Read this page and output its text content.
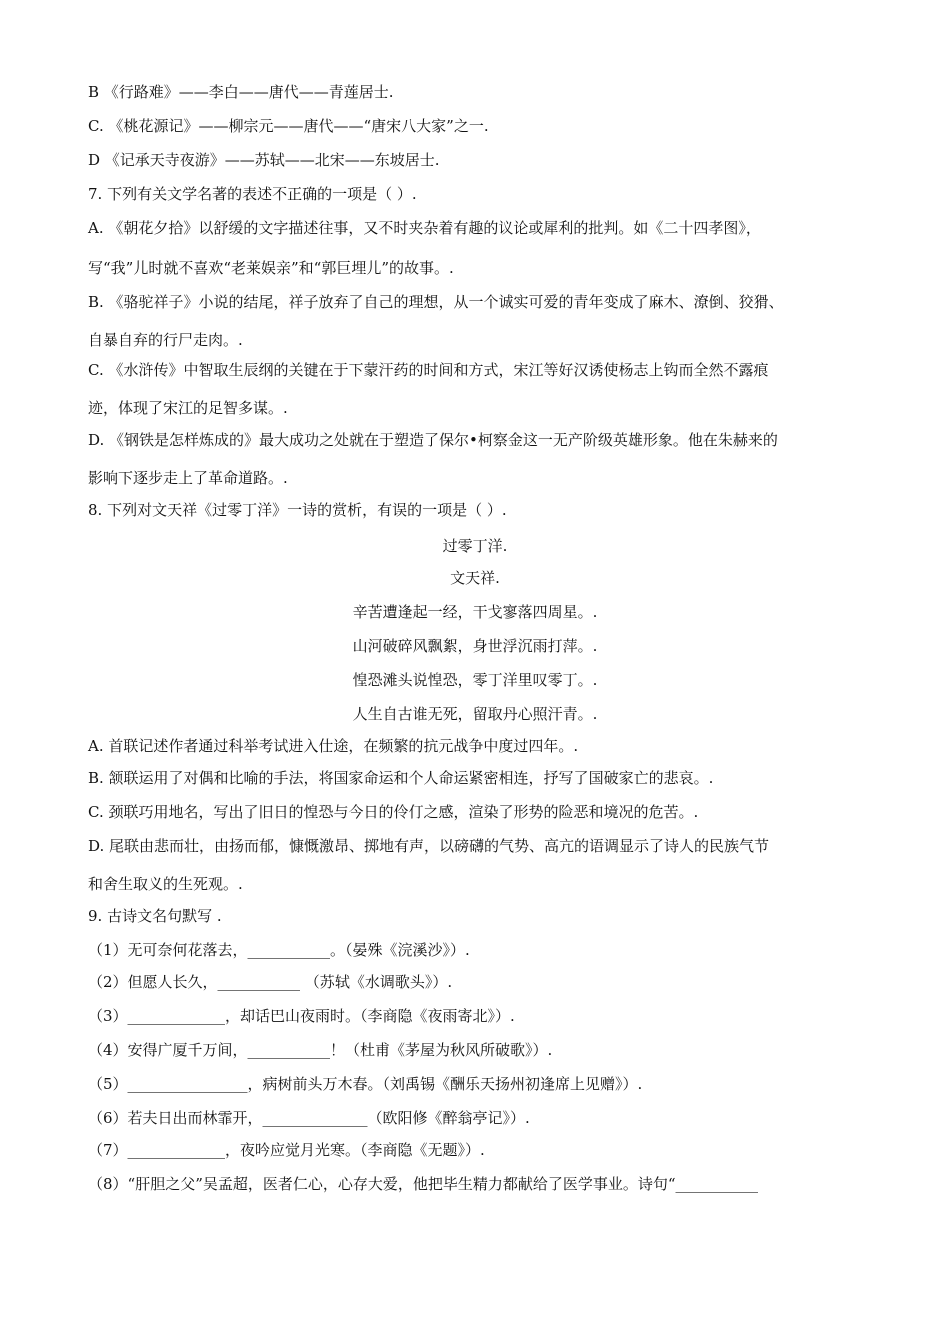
B 《行路难》——李白——唐代——青莲居士.
C. 《桃花源记》——柳宗元——唐代——“唐宋八大家”之一.
D 《记承天寺夜游》——苏轼——北宋——东坡居士.
7. 下列有关文学名著的表述不正确的一项是（ ）.
A. 《朝花夕拾》以舒缓的文字描述往事，又不时夹杂着有趣的议论或犀利的批判。如《二十四孝图》，
写“我”儿时就不喜欢“老莱娱亲”和“郭巨埋儿”的故事。.
B. 《骆驼祥子》小说的结尾，祥子放弃了自己的理想，从一个诚实可爱的青年变成了麻木、潦倒、狡猾、
自暴自弃的行尸走肉。.
C. 《水浒传》中智取生辰纲的关键在于下蒙汗药的时间和方式，宋江等好汉诱使杨志上钩而全然不露痕
迹，体现了宋江的足智多谋。.
D. 《钢铁是怎样炼成的》最大成功之处就在于塑造了保尔•柯察金这一无产阶级英雄形象。他在朱赫来的
影响下逐步走上了革命道路。.
8. 下列对文天祥《过零丁洋》一诗的赏析，有误的一项是（ ）.
过零丁洋.
文天祥.
辛苦遭逢起一经，干戈寥落四周星。.
山河破碎风飘絮，身世浮沉雨打萍。.
惶恐滩头说惶恐，零丁洋里叹零丁。.
人生自古谁无死，留取丹心照汗青。.
A. 首联记述作者通过科举考试进入仕途，在频繁的抗元战争中度过四年。.
B. 颔联运用了对偶和比喻的手法，将国家命运和个人命运紧密相连，抒写了国破家亡的悲哀。.
C. 颈联巧用地名，写出了旧日的惶恐与今日的伶仃之感，渲染了形势的险恶和境况的危苦。.
D. 尾联由悲而壮，由扬而郁，慷慨激昂、掷地有声，以磅礴的气势、高亢的语调显示了诗人的民族气节
和舍生取义的生死观。.
9. 古诗文名句默写 .
（1）无可奈何花落去，___________。（晏殊《浣溪沙》）.
（2）但愿人长久，___________ （苏轼《水调歌头》）.
（3）_____________，却话巴山夜雨时。（李商隐《夜雨寄北》）.
（4）安得广厦千万间，___________！（杜甫《茅屋为秋风所破歌》）.
（5）________________，病树前头万木春。（刘禹锡《酬乐天扬州初逢席上见赠》）.
（6）若夫日出而林霏开，______________（欧阳修《醉翁亭记》）.
（7）_____________，夜吟应觉月光寒。（李商隐《无题》）.
（8）“肝胆之父”吴孟超，医者仁心，心存大爱，他把毕生精力都献给了医学事业。诗句“___________
